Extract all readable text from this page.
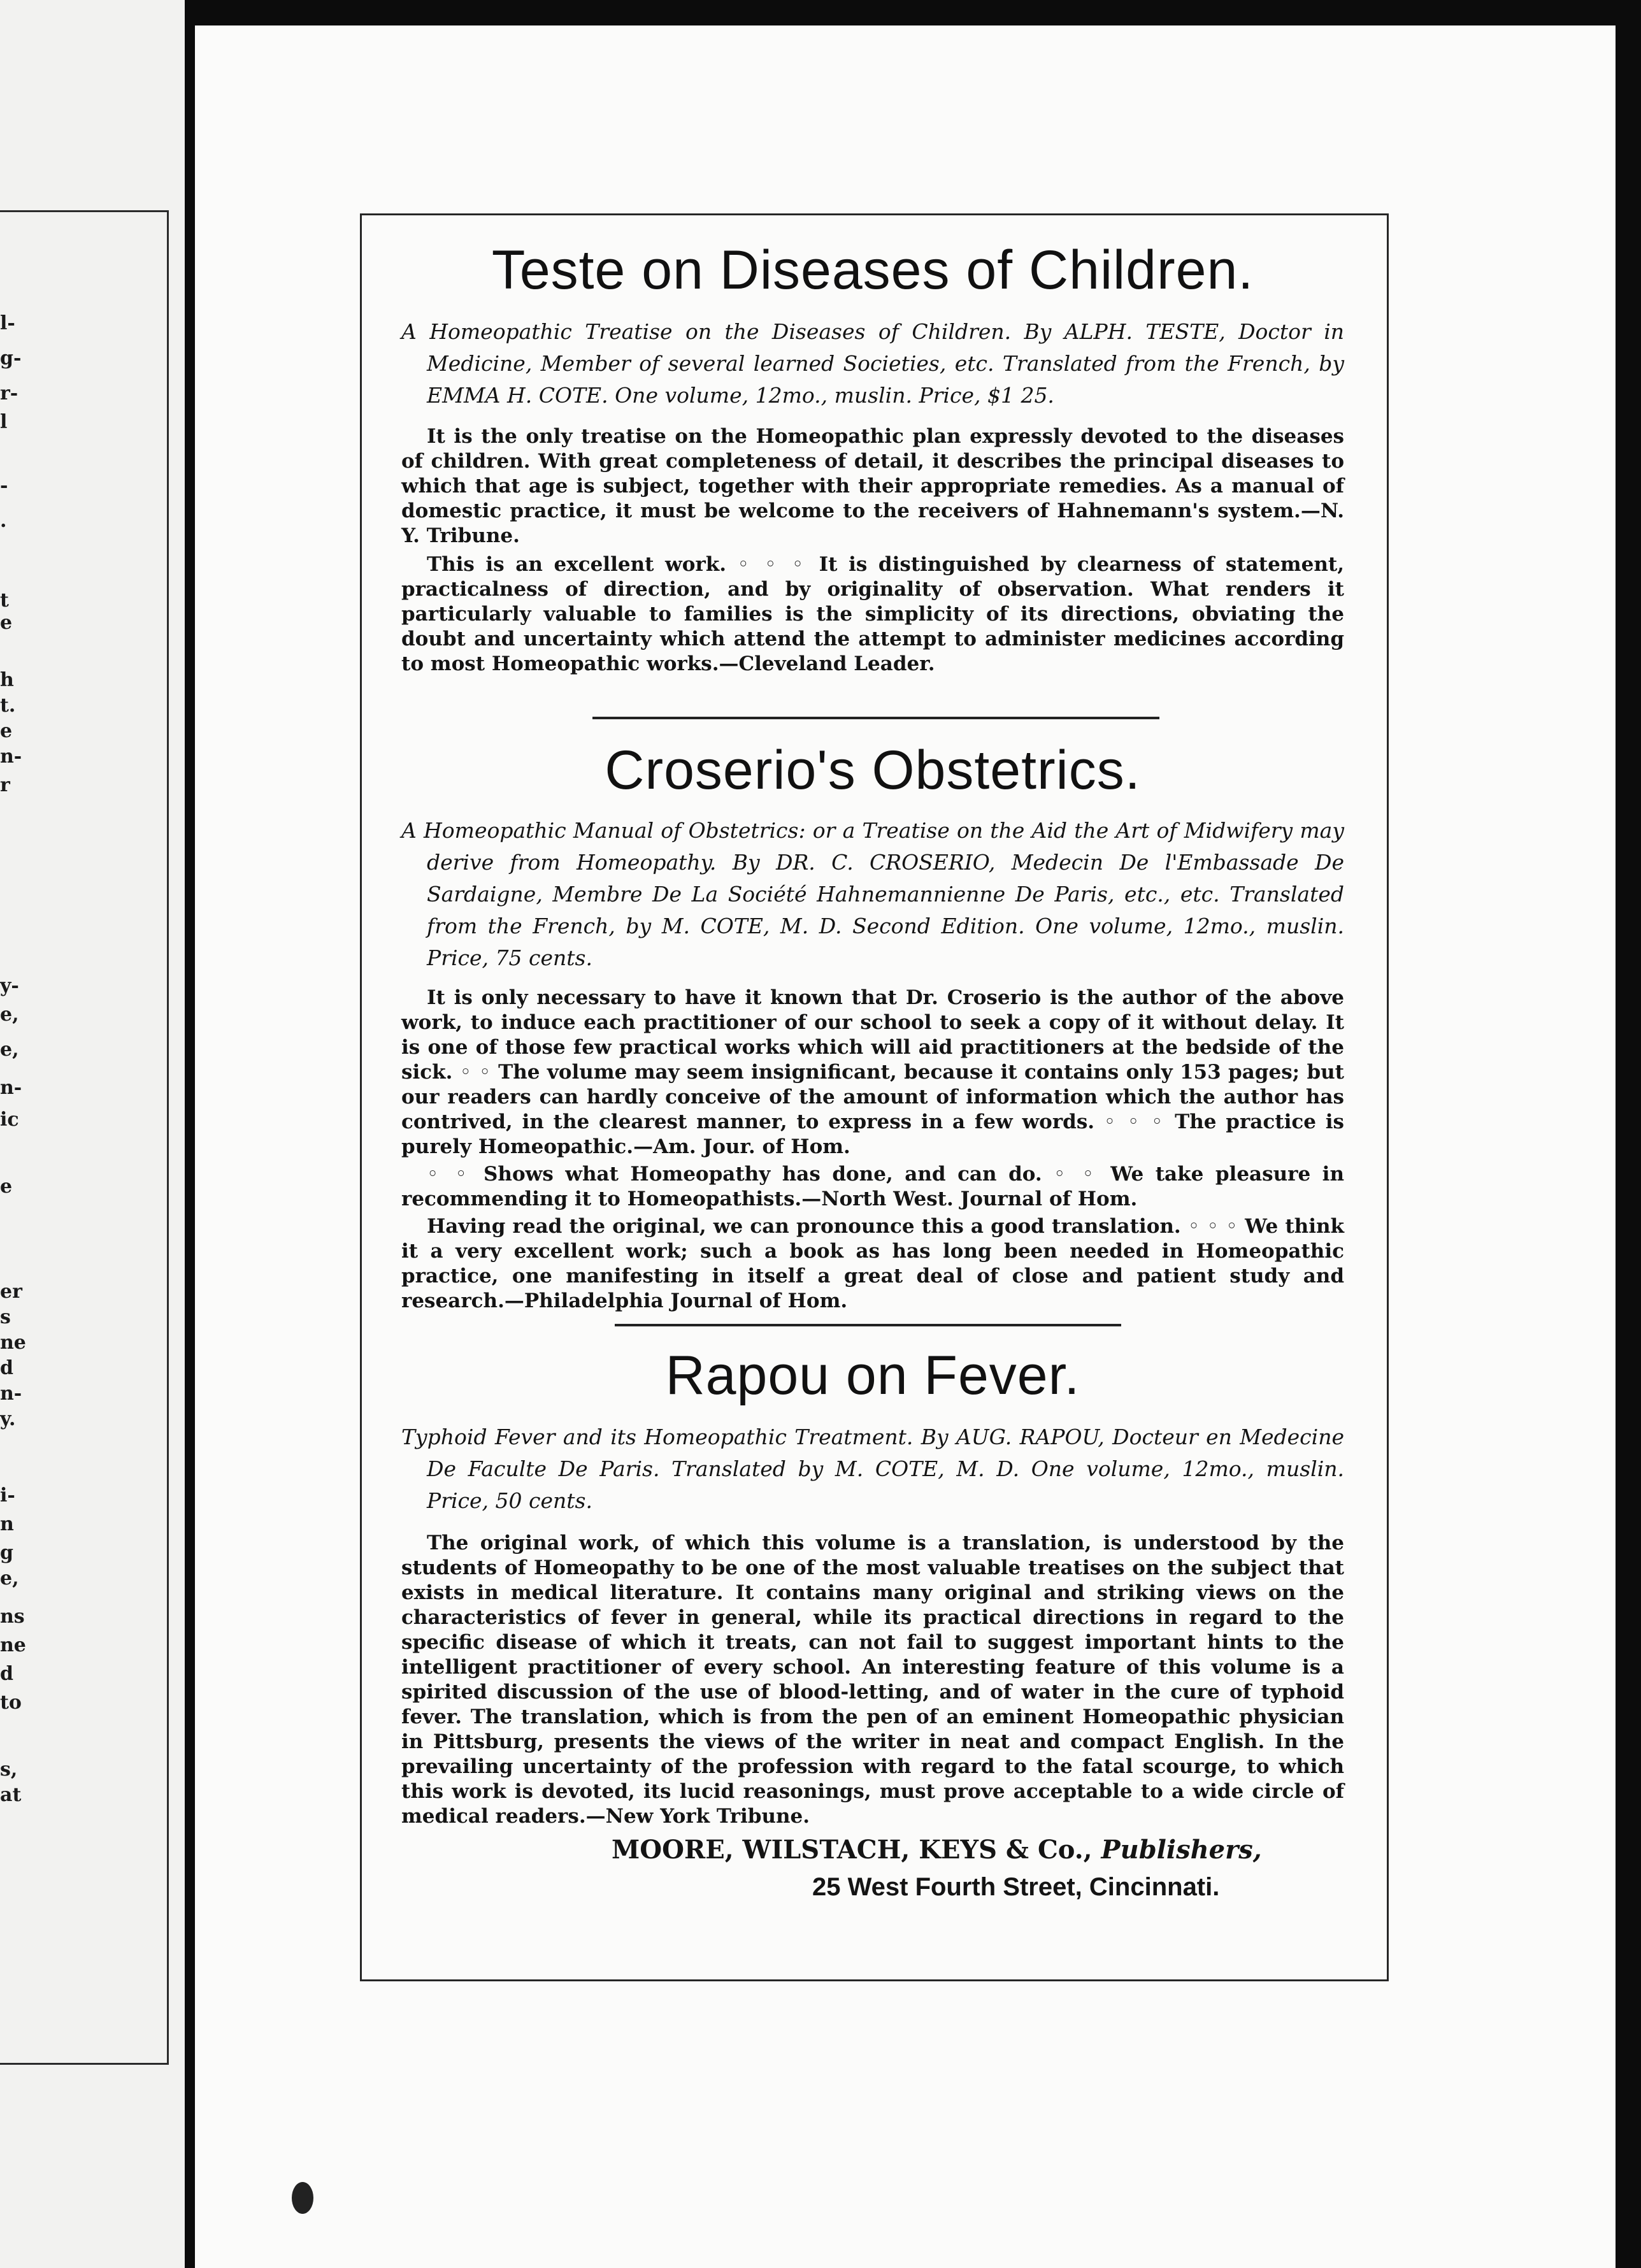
l-
g-
r-
l
-
.
t
e
h
t.
e
n-
r
y-
e,
e,
n-
ic
e
er
s
ne
d
n-
y.
i-
n
g
e,
ns
ne
d
to
s,
at
Teste on Diseases of Children.

A Homeopathic Treatise on the Diseases of Children. By ALPH. TESTE, Doctor in Medicine, Member of several learned Societies, etc. Translated from the French, by EMMA H. COTE. One volume, 12mo., muslin. Price, $1 25.

It is the only treatise on the Homeopathic plan expressly devoted to the diseases of children. With great completeness of detail, it describes the principal diseases to which that age is subject, together with their appropriate remedies. As a manual of domestic practice, it must be welcome to the receivers of Hahnemann's system.—N. Y. Tribune.

This is an excellent work. ◦ ◦ ◦ It is distinguished by clearness of statement, practicalness of direction, and by originality of observation. What renders it particularly valuable to families is the simplicity of its directions, obviating the doubt and uncertainty which attend the attempt to administer medicines according to most Homeopathic works.—Cleveland Leader.

Croserio's Obstetrics.

A Homeopathic Manual of Obstetrics: or a Treatise on the Aid the Art of Midwifery may derive from Homeopathy. By DR. C. CROSERIO, Medecin De l'Embassade De Sardaigne, Membre De La Société Hahnemannienne De Paris, etc., etc. Translated from the French, by M. COTE, M. D. Second Edition. One volume, 12mo., muslin. Price, 75 cents.

It is only necessary to have it known that Dr. Croserio is the author of the above work, to induce each practitioner of our school to seek a copy of it without delay. It is one of those few practical works which will aid practitioners at the bedside of the sick. ◦ ◦ The volume may seem insignificant, because it contains only 153 pages; but our readers can hardly conceive of the amount of information which the author has contrived, in the clearest manner, to express in a few words. ◦ ◦ ◦ The practice is purely Homeopathic.—Am. Jour. of Hom.

◦ ◦ Shows what Homeopathy has done, and can do. ◦ ◦ We take pleasure in recommending it to Homeopathists.—North West. Journal of Hom.

Having read the original, we can pronounce this a good translation. ◦ ◦ ◦ We think it a very excellent work; such a book as has long been needed in Homeopathic practice, one manifesting in itself a great deal of close and patient study and research.—Philadelphia Journal of Hom.

Rapou on Fever.

Typhoid Fever and its Homeopathic Treatment. By AUG. RAPOU, Docteur en Medecine De Faculte De Paris. Translated by M. COTE, M. D. One volume, 12mo., muslin. Price, 50 cents.

The original work, of which this volume is a translation, is understood by the students of Homeopathy to be one of the most valuable treatises on the subject that exists in medical literature. It contains many original and striking views on the characteristics of fever in general, while its practical directions in regard to the specific disease of which it treats, can not fail to suggest important hints to the intelligent practitioner of every school. An interesting feature of this volume is a spirited discussion of the use of blood-letting, and of water in the cure of typhoid fever. The translation, which is from the pen of an eminent Homeopathic physician in Pittsburg, presents the views of the writer in neat and compact English. In the prevailing uncertainty of the profession with regard to the fatal scourge, to which this work is devoted, its lucid reasonings, must prove acceptable to a wide circle of medical readers.—New York Tribune.

MOORE, WILSTACH, KEYS & Co., Publishers,
25 West Fourth Street, Cincinnati.
